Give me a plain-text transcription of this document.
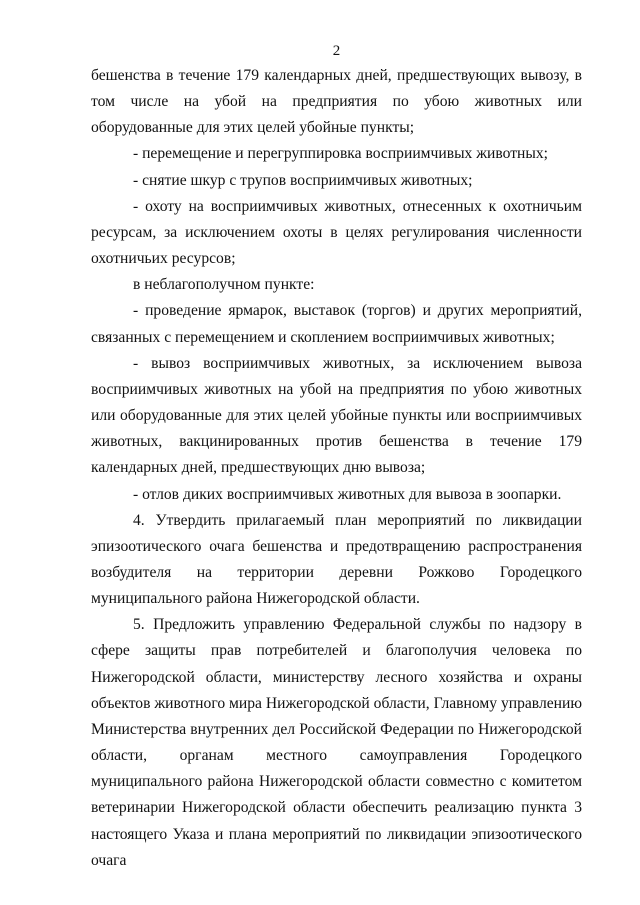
2

бешенства в течение 179 календарных дней, предшествующих вывозу, в том числе на убой на предприятия по убою животных или оборудованные для этих целей убойные пункты;

- перемещение и перегруппировка восприимчивых животных;

- снятие шкур с трупов восприимчивых животных;

- охоту на восприимчивых животных, отнесенных к охотничьим ресурсам, за исключением охоты в целях регулирования численности охотничьих ресурсов;

в неблагополучном пункте:

- проведение ярмарок, выставок (торгов) и других мероприятий, связанных с перемещением и скоплением восприимчивых животных;

- вывоз восприимчивых животных, за исключением вывоза восприимчивых животных на убой на предприятия по убою животных или оборудованные для этих целей убойные пункты или восприимчивых животных, вакцинированных против бешенства в течение 179 календарных дней, предшествующих дню вывоза;

- отлов диких восприимчивых животных для вывоза в зоопарки.

4. Утвердить прилагаемый план мероприятий по ликвидации эпизоотического очага бешенства и предотвращению распространения возбудителя на территории деревни Рожково Городецкого муниципального района Нижегородской области.

5. Предложить управлению Федеральной службы по надзору в сфере защиты прав потребителей и благополучия человека по Нижегородской области, министерству лесного хозяйства и охраны объектов животного мира Нижегородской области, Главному управлению Министерства внутренних дел Российской Федерации по Нижегородской области, органам местного самоуправления Городецкого муниципального района Нижегородской области совместно с комитетом ветеринарии Нижегородской области обеспечить реализацию пункта 3 настоящего Указа и плана мероприятий по ликвидации эпизоотического очага
